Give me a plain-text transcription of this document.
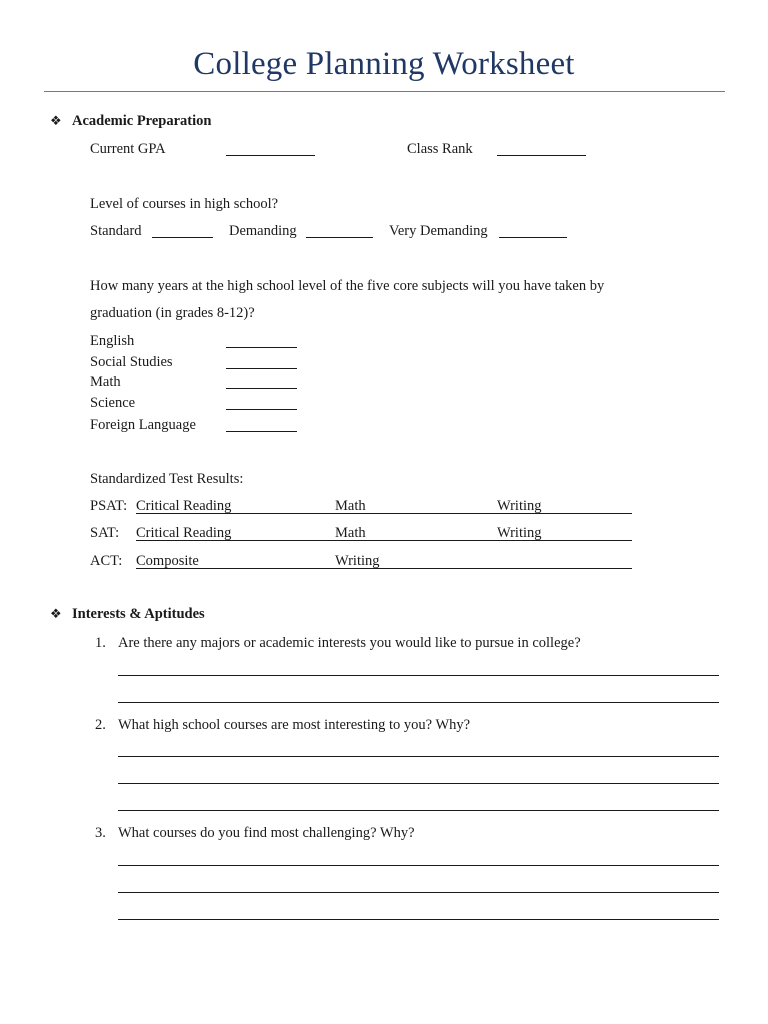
College Planning Worksheet
❖ Academic Preparation
Current GPA	Class Rank
Level of courses in high school?
Standard	Demanding	Very Demanding
How many years at the high school level of the five core subjects will you have taken by
graduation (in grades 8-12)?
English
Social Studies
Math
Science
Foreign Language
Standardized Test Results:
PSAT: Critical Reading	Math	Writing
SAT: Critical Reading	Math	Writing
ACT: Composite	Writing
❖ Interests & Aptitudes
1. Are there any majors or academic interests you would like to pursue in college?
2. What high school courses are most interesting to you? Why?
3. What courses do you find most challenging? Why?
